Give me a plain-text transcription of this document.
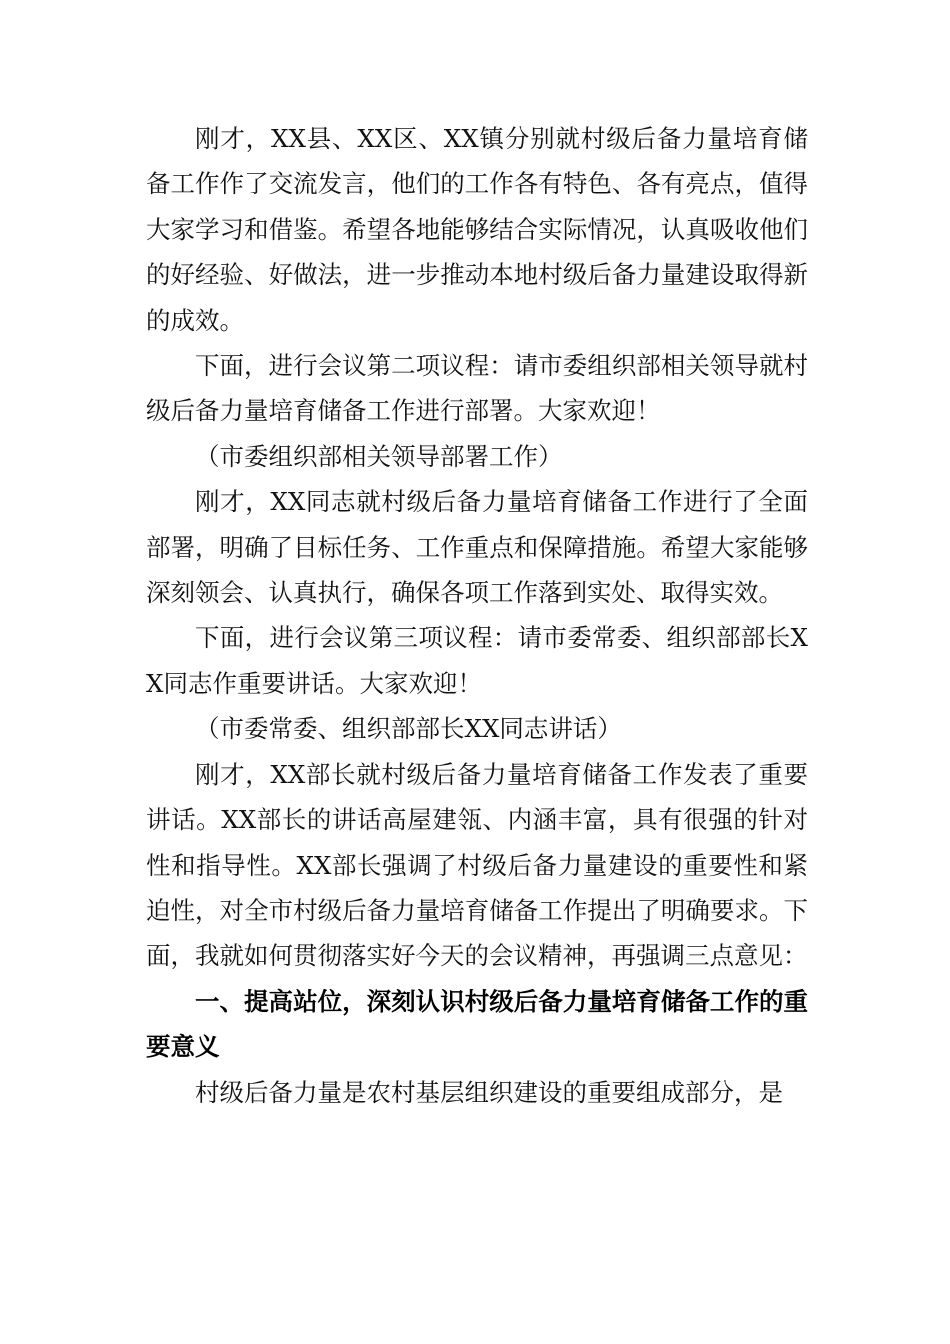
刚才，XX县、XX区、XX镇分别就村级后备力量培育储备工作作了交流发言，他们的工作各有特色、各有亮点，值得大家学习和借鉴。希望各地能够结合实际情况，认真吸收他们的好经验、好做法，进一步推动本地村级后备力量建设取得新的成效。

下面，进行会议第二项议程：请市委组织部相关领导就村级后备力量培育储备工作进行部署。大家欢迎！

（市委组织部相关领导部署工作）

刚才，XX同志就村级后备力量培育储备工作进行了全面部署，明确了目标任务、工作重点和保障措施。希望大家能够深刻领会、认真执行，确保各项工作落到实处、取得实效。

下面，进行会议第三项议程：请市委常委、组织部部长XX同志作重要讲话。大家欢迎！

（市委常委、组织部部长XX同志讲话）

刚才，XX部长就村级后备力量培育储备工作发表了重要讲话。XX部长的讲话高屋建瓴、内涵丰富，具有很强的针对性和指导性。XX部长强调了村级后备力量建设的重要性和紧迫性，对全市村级后备力量培育储备工作提出了明确要求。下面，我就如何贯彻落实好今天的会议精神，再强调三点意见：

一、提高站位，深刻认识村级后备力量培育储备工作的重要意义

村级后备力量是农村基层组织建设的重要组成部分，是
